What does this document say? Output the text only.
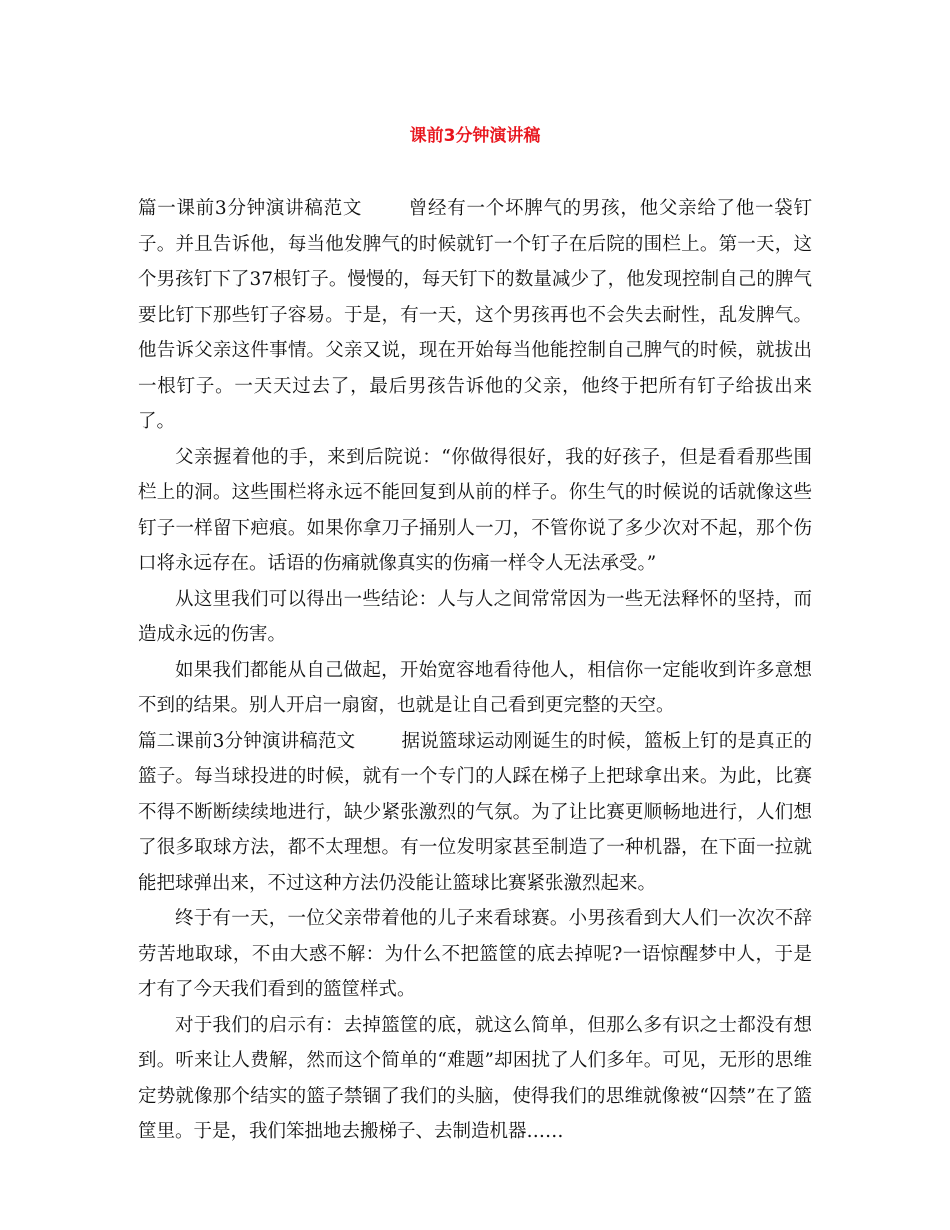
课前3分钟演讲稿

篇一课前3分钟演讲稿范文 曾经有一个坏脾气的男孩，他父亲给了他一袋钉子。并且告诉他，每当他发脾气的时候就钉一个钉子在后院的围栏上。第一天，这个男孩钉下了37根钉子。慢慢的，每天钉下的数量减少了，他发现控制自己的脾气要比钉下那些钉子容易。于是，有一天，这个男孩再也不会失去耐性，乱发脾气。他告诉父亲这件事情。父亲又说，现在开始每当他能控制自己脾气的时候，就拔出一根钉子。一天天过去了，最后男孩告诉他的父亲，他终于把所有钉子给拔出来了。

父亲握着他的手，来到后院说：“你做得很好，我的好孩子，但是看看那些围栏上的洞。这些围栏将永远不能回复到从前的样子。你生气的时候说的话就像这些钉子一样留下疤痕。如果你拿刀子捅别人一刀，不管你说了多少次对不起，那个伤口将永远存在。话语的伤痛就像真实的伤痛一样令人无法承受。”

从这里我们可以得出一些结论：人与人之间常常因为一些无法释怀的坚持，而造成永远的伤害。

如果我们都能从自己做起，开始宽容地看待他人，相信你一定能收到许多意想不到的结果。别人开启一扇窗，也就是让自己看到更完整的天空。

篇二课前3分钟演讲稿范文 据说篮球运动刚诞生的时候，篮板上钉的是真正的篮子。每当球投进的时候，就有一个专门的人踩在梯子上把球拿出来。为此，比赛不得不断断续续地进行，缺少紧张激烈的气氛。为了让比赛更顺畅地进行，人们想了很多取球方法，都不太理想。有一位发明家甚至制造了一种机器，在下面一拉就能把球弹出来，不过这种方法仍没能让篮球比赛紧张激烈起来。

终于有一天，一位父亲带着他的儿子来看球赛。小男孩看到大人们一次次不辞劳苦地取球，不由大惑不解：为什么不把篮筐的底去掉呢?一语惊醒梦中人，于是才有了今天我们看到的篮筐样式。

对于我们的启示有：去掉篮筐的底，就这么简单，但那么多有识之士都没有想到。听来让人费解，然而这个简单的“难题”却困扰了人们多年。可见，无形的思维定势就像那个结实的篮子禁锢了我们的头脑，使得我们的思维就像被“囚禁”在了篮筐里。于是，我们笨拙地去搬梯子、去制造机器……
